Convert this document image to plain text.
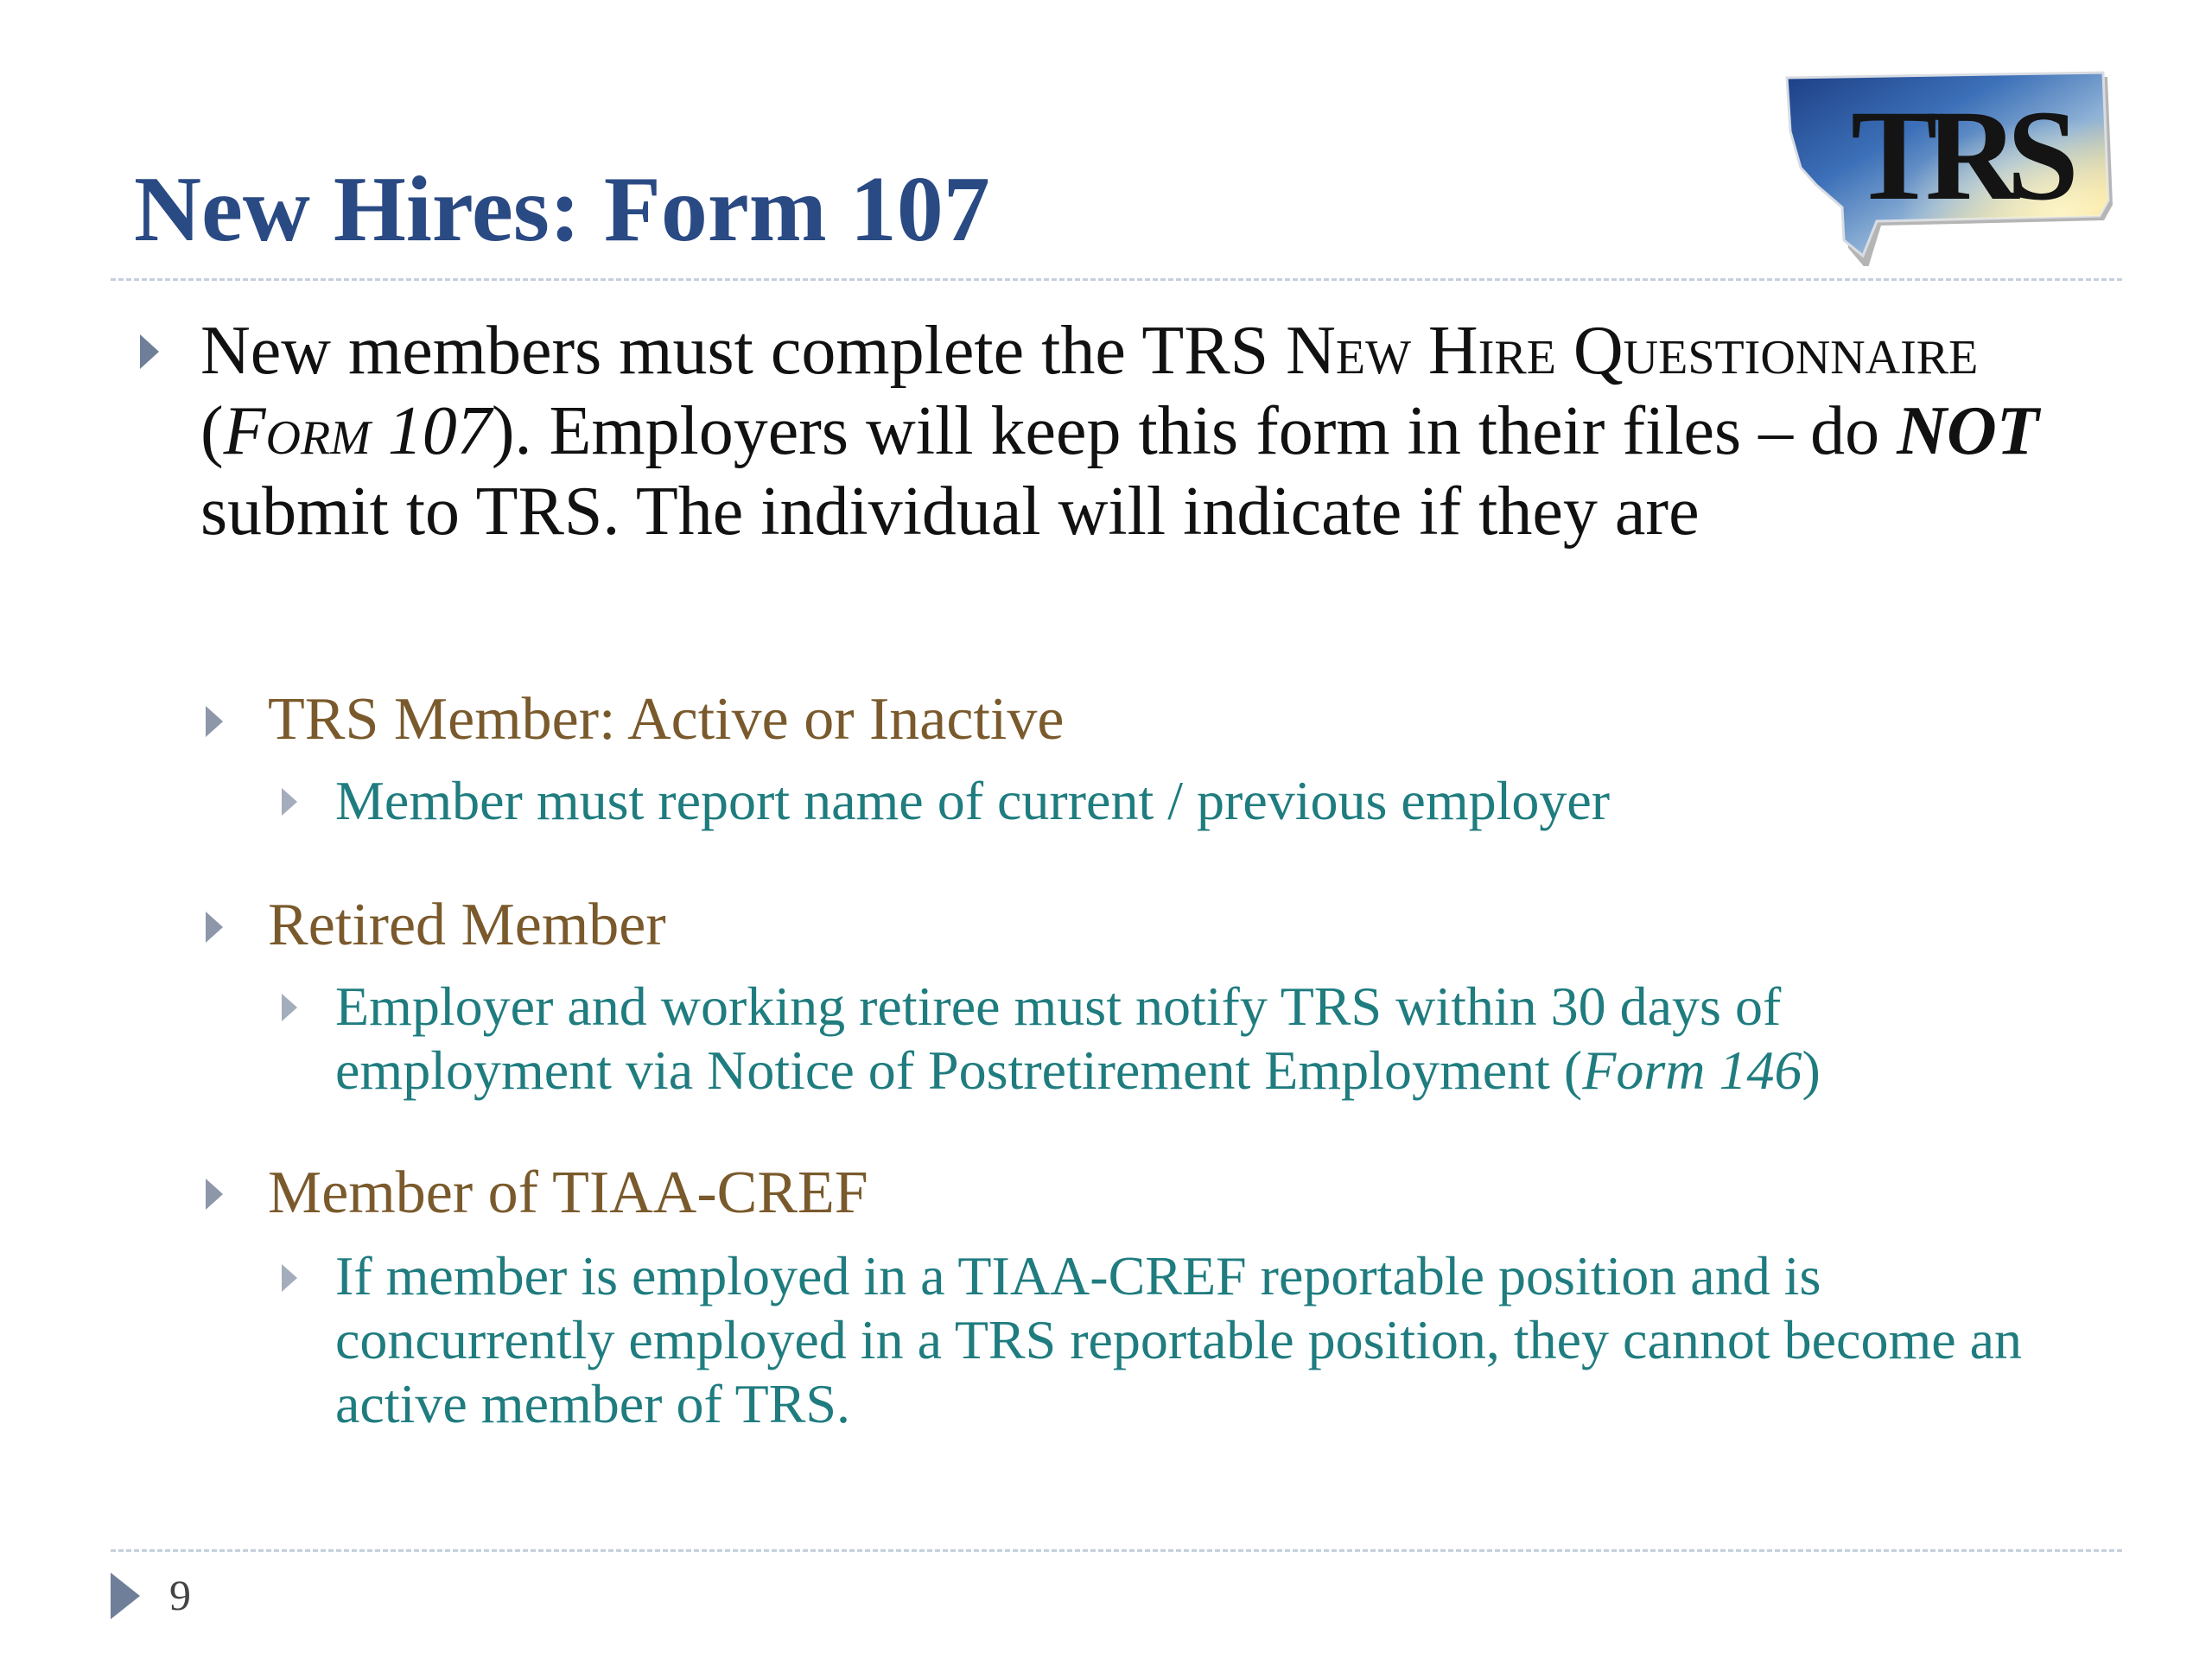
New Hires: Form 107	TRS
New members must complete the TRS New Hire Questionnaire (Form 107). Employers will keep this form in their files – do NOT submit to TRS. The individual will indicate if they are
TRS Member: Active or Inactive
Member must report name of current / previous employer
Retired Member
Employer and working retiree must notify TRS within 30 days of employment via Notice of Postretirement Employment (Form 146)
Member of TIAA-CREF
If member is employed in a TIAA-CREF reportable position and is concurrently employed in a TRS reportable position, they cannot become an active member of TRS.
9
